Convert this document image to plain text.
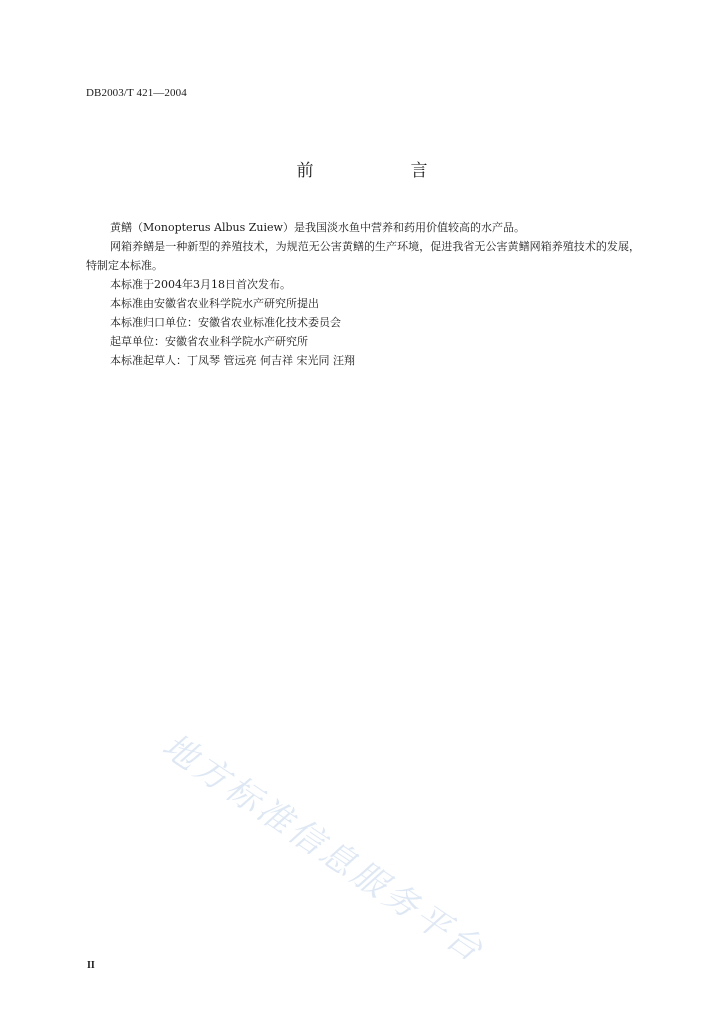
DB2003/T 421—2004
前　言

黄鳝（Monopterus Albus Zuiew）是我国淡水鱼中营养和药用价值较高的水产品。

网箱养鳝是一种新型的养殖技术，为规范无公害黄鳝的生产环境，促进我省无公害黄鳝网箱养殖技术的发展，特制定本标准。

本标准于2004年3月18日首次发布。

本标准由安徽省农业科学院水产研究所提出

本标准归口单位：安徽省农业标准化技术委员会

起草单位：安徽省农业科学院水产研究所

本标准起草人：丁凤琴 管远亮 何吉祥 宋光同 汪翔

地方标准信息服务平台
II
